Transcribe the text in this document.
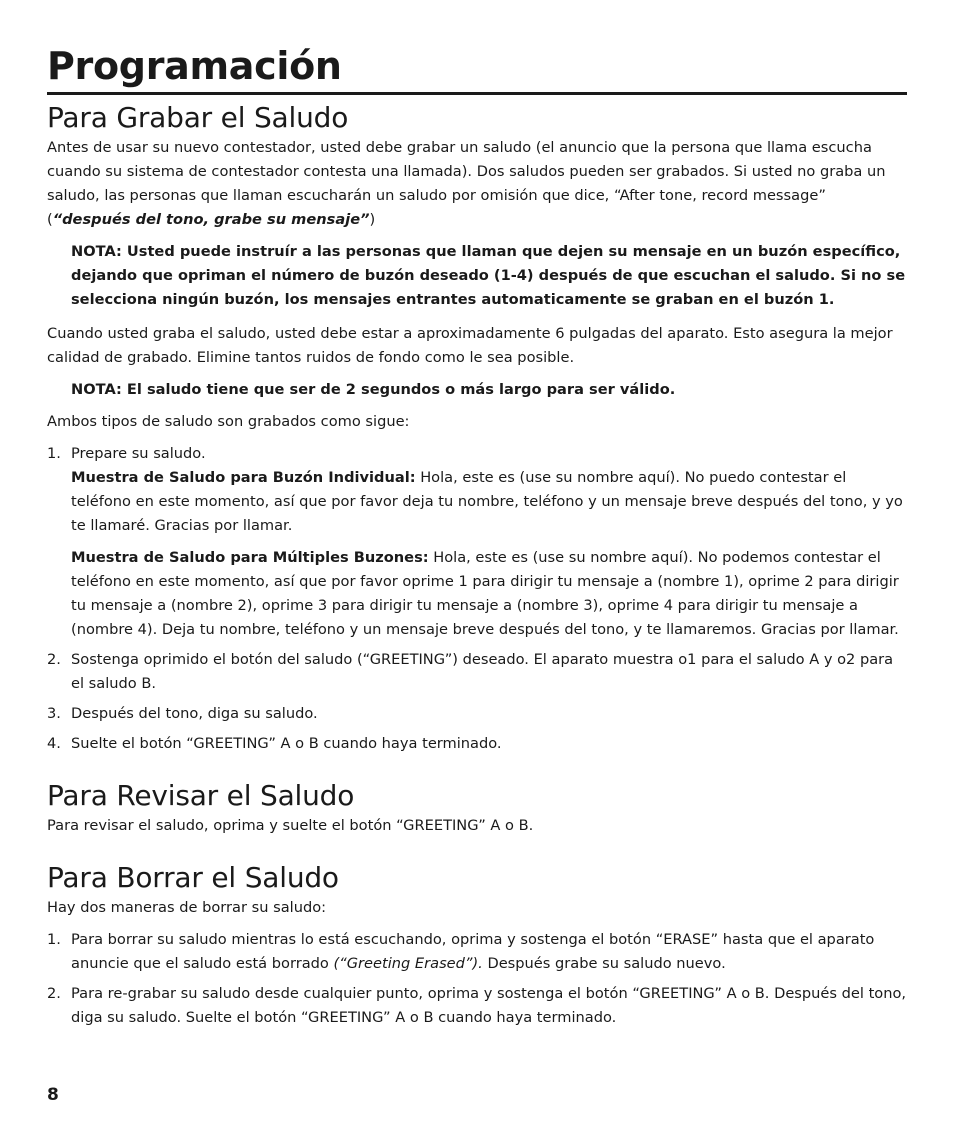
Programación
Para Grabar el Saludo

Antes de usar su nuevo contestador, usted debe grabar un saludo (el anuncio que la persona que llama escucha cuando su sistema de contestador contesta una llamada). Dos saludos pueden ser grabados. Si usted no graba un saludo, las personas que llaman escucharán un saludo por omisión que dice, “After tone, record message” (“después del tono, grabe su mensaje”)

NOTA: Usted puede instruír a las personas que llaman que dejen su mensaje en un buzón específico, dejando que opriman el número de buzón deseado (1-4) después de que escuchan el saludo. Si no se selecciona ningún buzón, los mensajes entrantes automaticamente se graban en el buzón 1.

Cuando usted graba el saludo, usted debe estar a aproximadamente 6 pulgadas del aparato. Esto asegura la mejor calidad de grabado. Elimine tantos ruidos de fondo como le sea posible.

NOTA: El saludo tiene que ser de 2 segundos o más largo para ser válido.

Ambos tipos de saludo son grabados como sigue:

1. Prepare su saludo.
Muestra de Saludo para Buzón Individual: Hola, este es (use su nombre aquí). No puedo contestar el teléfono en este momento, así que por favor deja tu nombre, teléfono y un mensaje breve después del tono, y yo te llamaré. Gracias por llamar.
Muestra de Saludo para Múltiples Buzones: Hola, este es (use su nombre aquí). No podemos contestar el teléfono en este momento, así que por favor oprime 1 para dirigir tu mensaje a (nombre 1), oprime 2 para dirigir tu mensaje a (nombre 2), oprime 3 para dirigir tu mensaje a (nombre 3), oprime 4 para dirigir tu mensaje a (nombre 4). Deja tu nombre, teléfono y un mensaje breve después del tono, y te llamaremos. Gracias por llamar.
2. Sostenga oprimido el botón del saludo (“GREETING”) deseado. El aparato muestra o1 para el saludo A y o2 para el saludo B.
3. Después del tono, diga su saludo.
4. Suelte el botón “GREETING” A o B cuando haya terminado.
Para Revisar el Saludo

Para revisar el saludo, oprima y suelte el botón “GREETING” A o B.

Para Borrar el Saludo

Hay dos maneras de borrar su saludo:

1. Para borrar su saludo mientras lo está escuchando, oprima y sostenga el botón “ERASE” hasta que el aparato anuncie que el saludo está borrado (“Greeting Erased”). Después grabe su saludo nuevo.
2. Para re-grabar su saludo desde cualquier punto, oprima y sostenga el botón “GREETING” A o B. Después del tono, diga su saludo. Suelte el botón “GREETING” A o B cuando haya terminado.
8
